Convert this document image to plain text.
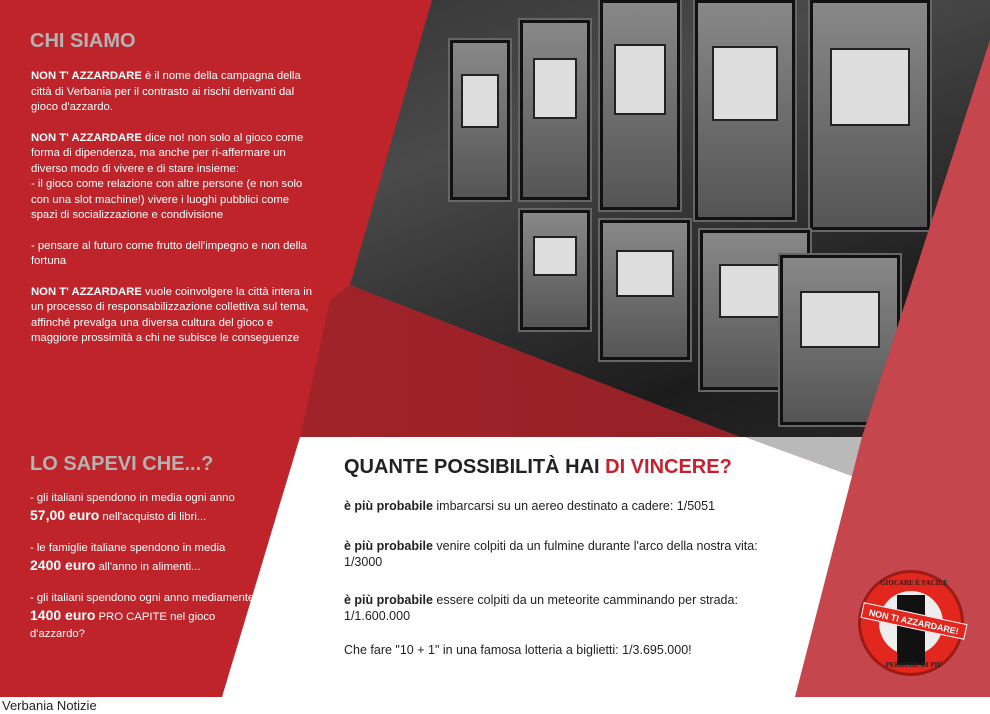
CHI SIAMO

NON T' AZZARDARE è il nome della campagna della città di Verbania per il contrasto ai rischi derivanti dal gioco d'azzardo.

NON T' AZZARDARE dice no! non solo al gioco come forma di dipendenza, ma anche per ri-affermare un diverso modo di vivere e di stare insieme:

- il gioco come relazione con altre persone (e non solo con una slot machine!) vivere i luoghi pubblici come spazi di socializzazione e condivisione

- pensare al futuro come frutto dell'impegno e non della fortuna

NON T' AZZARDARE vuole coinvolgere la città intera in un processo di responsabilizzazione collettiva sul tema, affinché prevalga una diversa cultura del gioco e maggiore prossimità a chi ne subisce le conseguenze

LO SAPEVI CHE...?

- gli italiani spendono in media ogni anno 57,00 euro nell'acquisto di libri...

- le famiglie italiane spendono in media 2400 euro all'anno in alimenti...

- gli italiani spendono ogni anno mediamente 1400 euro PRO CAPITE nel gioco d'azzardo?

QUANTE POSSIBILITÀ HAI DI VINCERE?

è più probabile imbarcarsi su un aereo destinato a cadere: 1/5051

è più probabile venire colpiti da un fulmine durante l'arco della nostra vita: 1/3000

è più probabile essere colpiti da un meteorite camminando per strada: 1/1.600.000

Che fare "10 + 1" in una famosa lotteria a biglietti: 1/3.695.000!

GIOCARE È FACILE
NON TI AZZARDARE!
PERDERE DI PIÙ
Verbania Notizie
